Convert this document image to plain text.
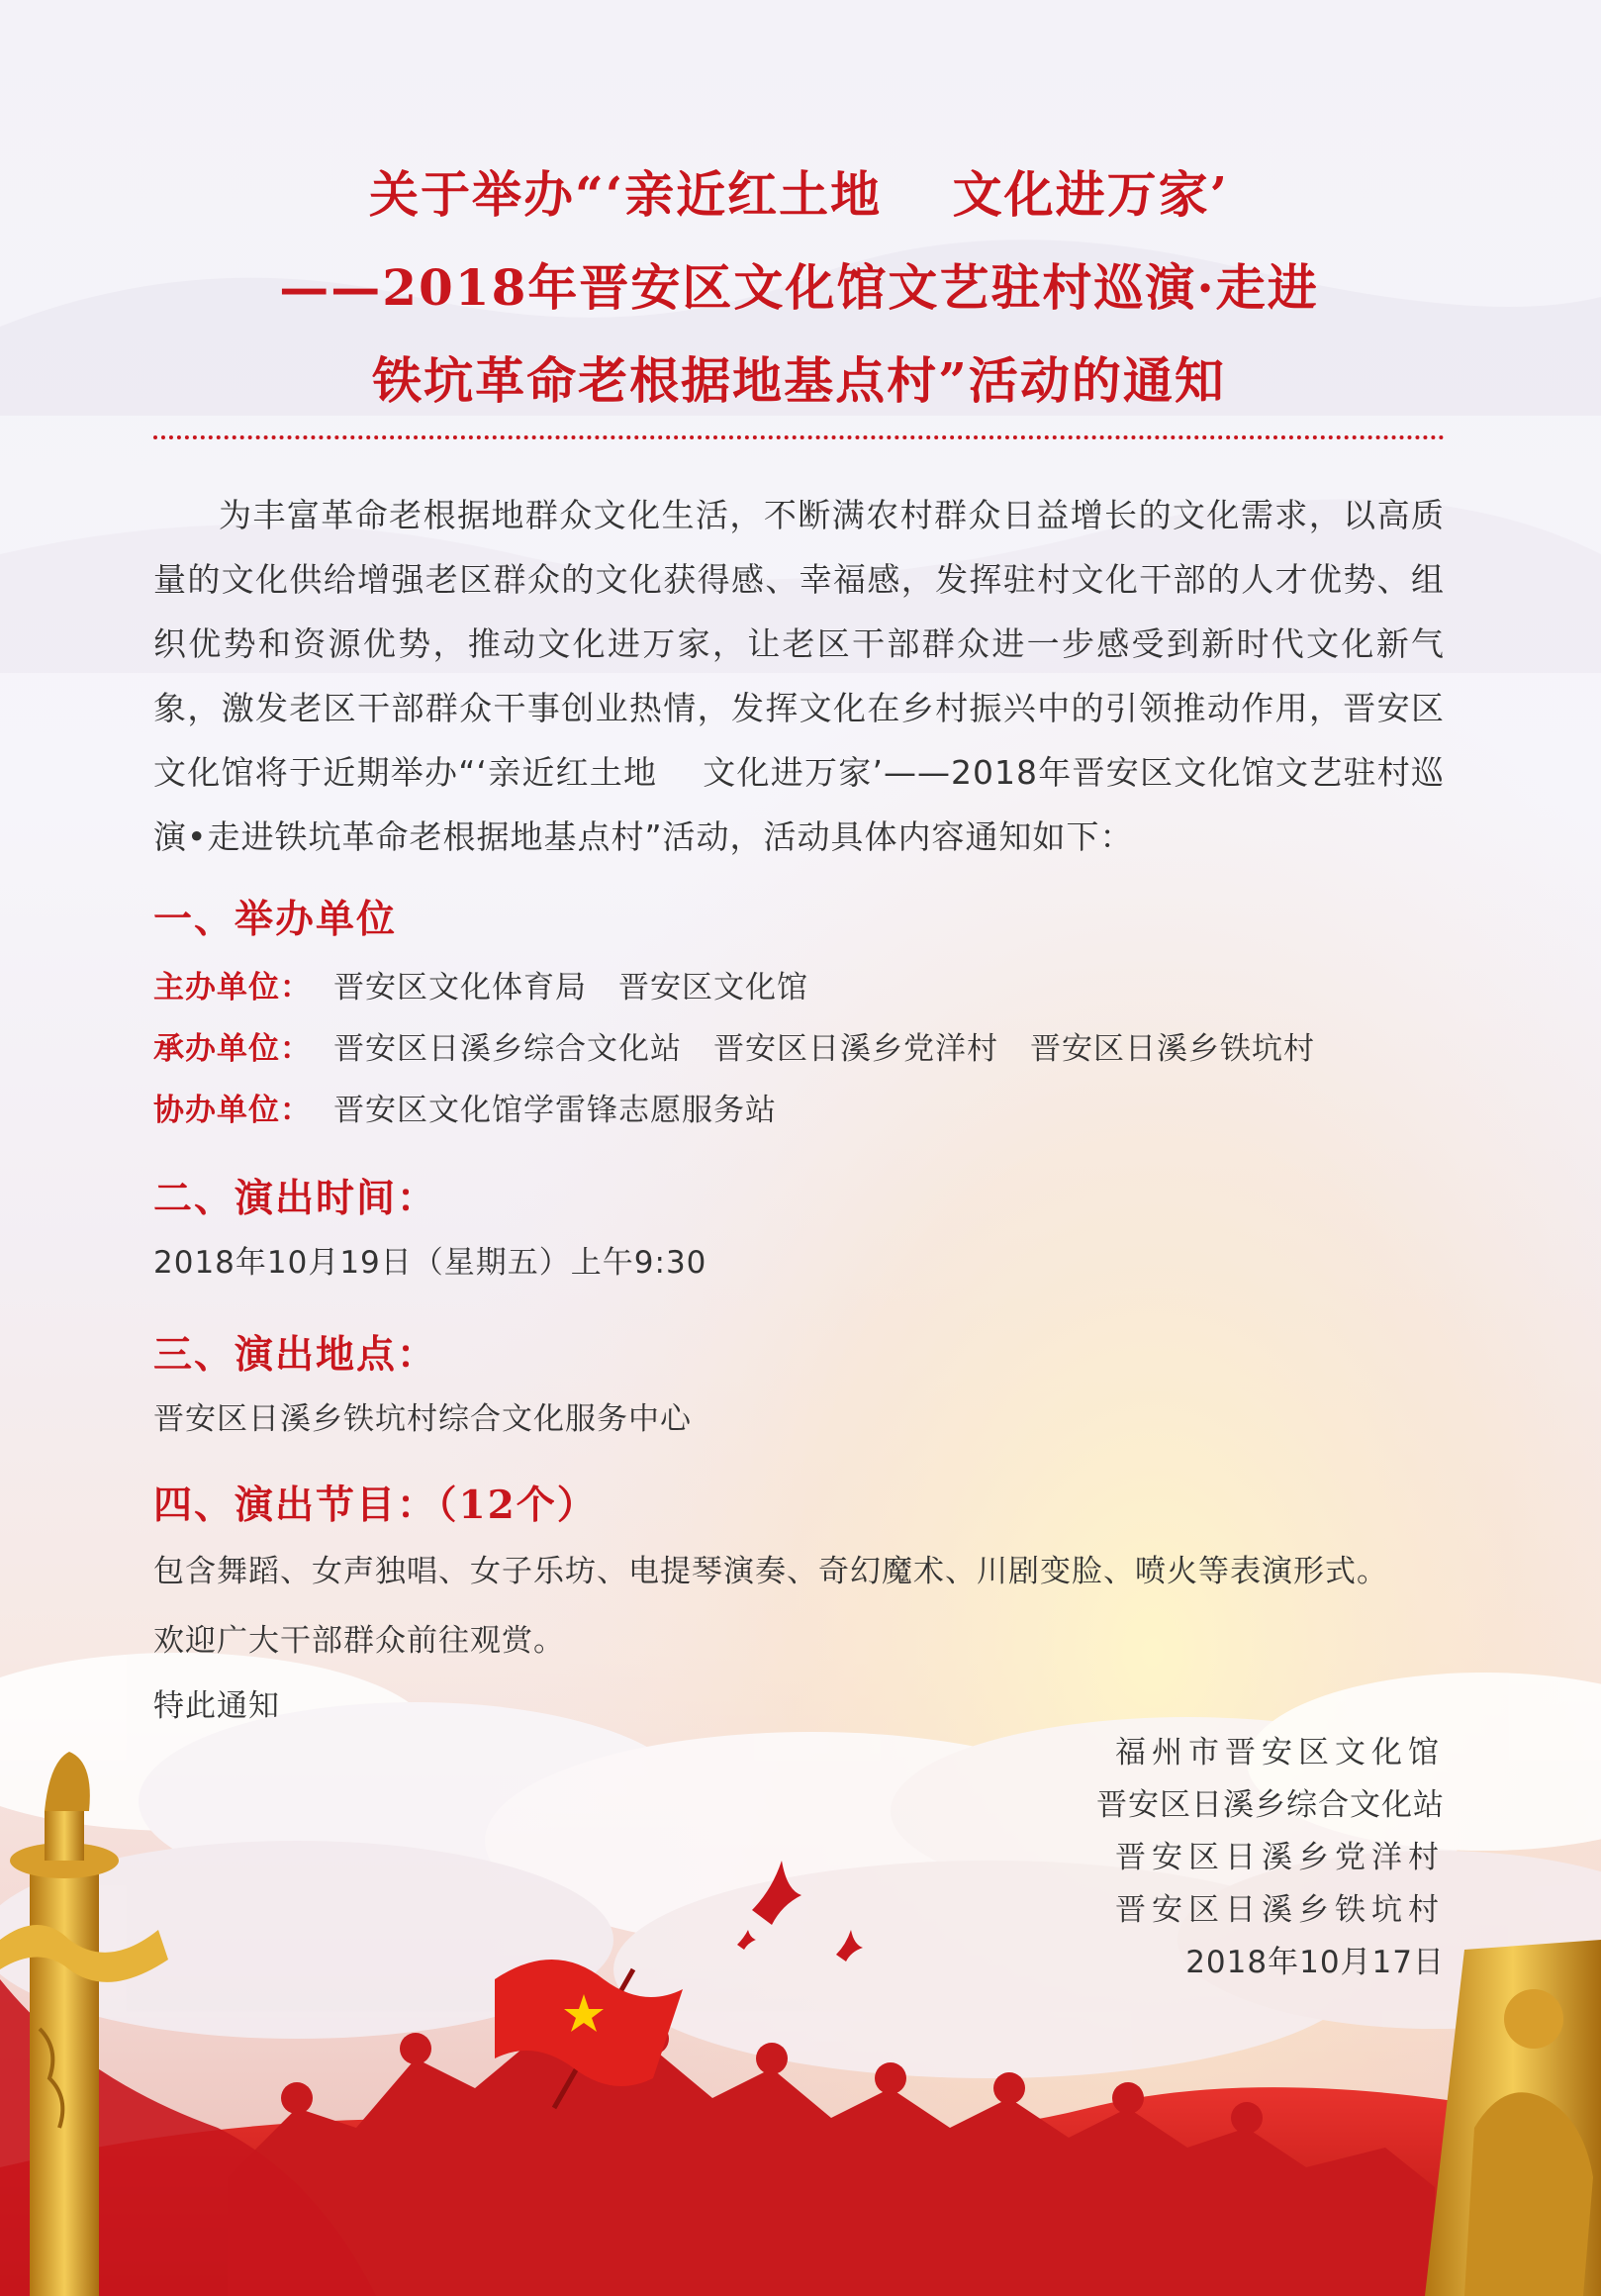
关于举办“‘亲近红土地　 文化进万家’
——2018年晋安区文化馆文艺驻村巡演·走进
铁坑革命老根据地基点村”活动的通知
为丰富革命老根据地群众文化生活，不断满农村群众日益增长的文化需求，以高质量的文化供给增强老区群众的文化获得感、幸福感，发挥驻村文化干部的人才优势、组织优势和资源优势，推动文化进万家，让老区干部群众进一步感受到新时代文化新气象，激发老区干部群众干事创业热情，发挥文化在乡村振兴中的引领推动作用，晋安区文化馆将于近期举办“‘亲近红土地　 文化进万家’——2018年晋安区文化馆文艺驻村巡演•走进铁坑革命老根据地基点村”活动，活动具体内容通知如下：
一、举办单位
主办单位： 晋安区文化体育局　晋安区文化馆
承办单位： 晋安区日溪乡综合文化站　晋安区日溪乡党洋村　晋安区日溪乡铁坑村
协办单位： 晋安区文化馆学雷锋志愿服务站
二、演出时间：
2018年10月19日（星期五）上午9:30
三、演出地点：
晋安区日溪乡铁坑村综合文化服务中心
四、演出节目：（12个）
包含舞蹈、女声独唱、女子乐坊、电提琴演奏、奇幻魔术、川剧变脸、喷火等表演形式。
欢迎广大干部群众前往观赏。
特此通知
福州市晋安区文化馆
晋安区日溪乡综合文化站
晋安区日溪乡党洋村
晋安区日溪乡铁坑村
2018年10月17日
